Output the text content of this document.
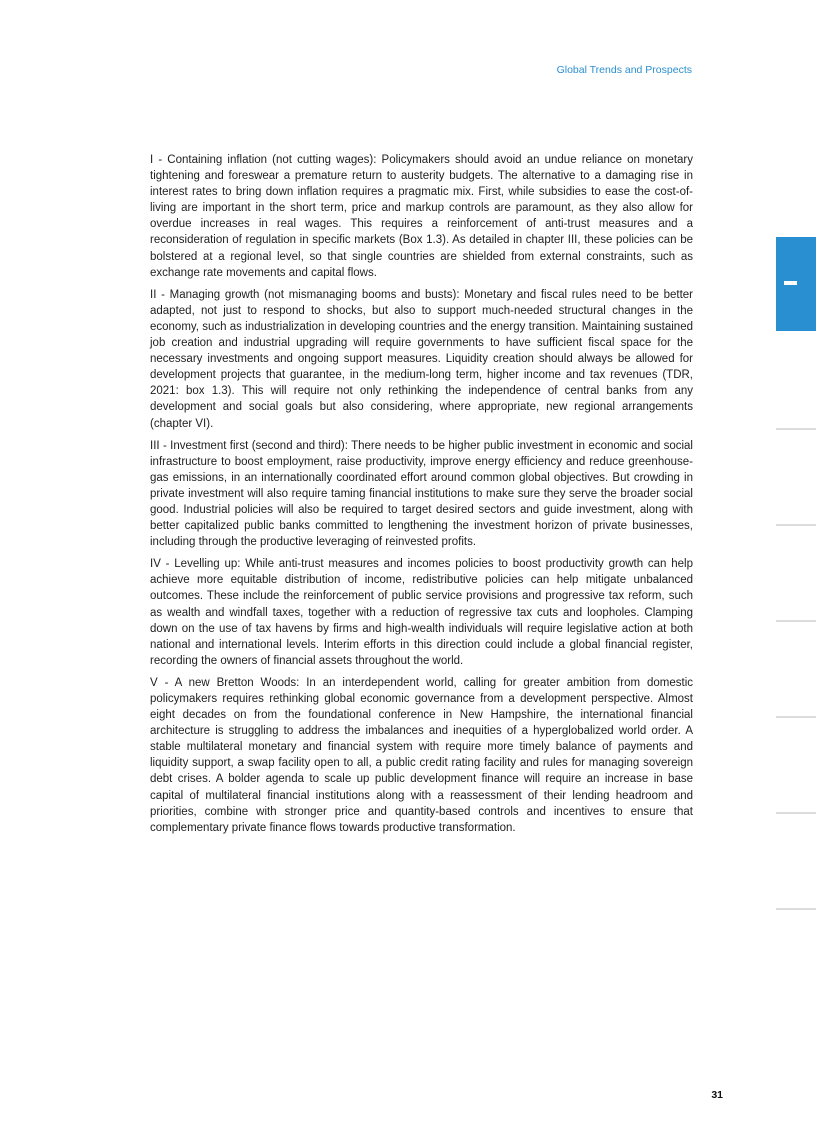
Global Trends and Prospects

I - Containing inflation (not cutting wages): Policymakers should avoid an undue reliance on monetary tightening and foreswear a premature return to austerity budgets. The alternative to a damaging rise in interest rates to bring down inflation requires a pragmatic mix. First, while subsidies to ease the cost-of-living are important in the short term, price and markup controls are paramount, as they also allow for overdue increases in real wages. This requires a reinforcement of anti-trust measures and a reconsideration of regulation in specific markets (Box 1.3). As detailed in chapter III, these policies can be bolstered at a regional level, so that single countries are shielded from external constraints, such as exchange rate movements and capital flows.

II - Managing growth (not mismanaging booms and busts): Monetary and fiscal rules need to be better adapted, not just to respond to shocks, but also to support much-needed structural changes in the economy, such as industrialization in developing countries and the energy transition. Maintaining sustained job creation and industrial upgrading will require governments to have sufficient fiscal space for the necessary investments and ongoing support measures. Liquidity creation should always be allowed for development projects that guarantee, in the medium-long term, higher income and tax revenues (TDR, 2021: box 1.3). This will require not only rethinking the independence of central banks from any development and social goals but also considering, where appropriate, new regional arrangements (chapter VI).

III - Investment first (second and third): There needs to be higher public investment in economic and social infrastructure to boost employment, raise productivity, improve energy efficiency and reduce greenhouse-gas emissions, in an internationally coordinated effort around common global objectives. But crowding in private investment will also require taming financial institutions to make sure they serve the broader social good. Industrial policies will also be required to target desired sectors and guide investment, along with better capitalized public banks committed to lengthening the investment horizon of private businesses, including through the productive leveraging of reinvested profits.

IV - Levelling up: While anti-trust measures and incomes policies to boost productivity growth can help achieve more equitable distribution of income, redistributive policies can help mitigate unbalanced outcomes. These include the reinforcement of public service provisions and progressive tax reform, such as wealth and windfall taxes, together with a reduction of regressive tax cuts and loopholes. Clamping down on the use of tax havens by firms and high-wealth individuals will require legislative action at both national and international levels. Interim efforts in this direction could include a global financial register, recording the owners of financial assets throughout the world.

V - A new Bretton Woods: In an interdependent world, calling for greater ambition from domestic policymakers requires rethinking global economic governance from a development perspective. Almost eight decades on from the foundational conference in New Hampshire, the international financial architecture is struggling to address the imbalances and inequities of a hyperglobalized world order. A stable multilateral monetary and financial system with require more timely balance of payments and liquidity support, a swap facility open to all, a public credit rating facility and rules for managing sovereign debt crises. A bolder agenda to scale up public development finance will require an increase in base capital of multilateral financial institutions along with a reassessment of their lending headroom and priorities, combine with stronger price and quantity-based controls and incentives to ensure that complementary private finance flows towards productive transformation.

31
